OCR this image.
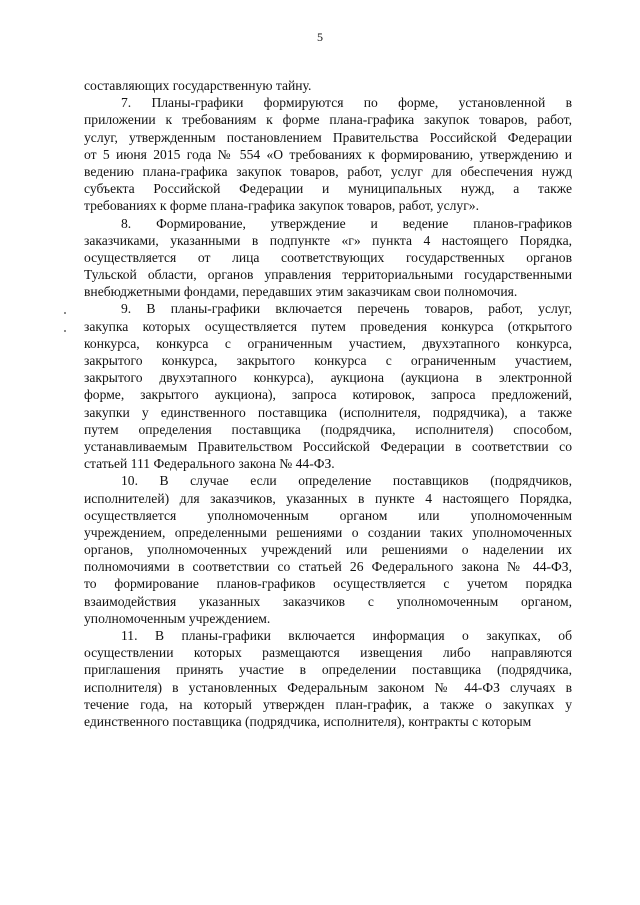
5
составляющих государственную тайну.
7. Планы-графики формируются по форме, установленной в
приложении к требованиям к форме плана-графика закупок товаров, работ,
услуг, утвержденным постановлением Правительства Российской Федерации
от 5 июня 2015 года № 554 «О требованиях к формированию, утверждению и
ведению плана-графика закупок товаров, работ, услуг для обеспечения нужд
субъекта Российской Федерации и муниципальных нужд, а также
требованиях к форме плана-графика закупок товаров, работ, услуг».
8. Формирование, утверждение и ведение планов-графиков
заказчиками, указанными в подпункте «г» пункта 4 настоящего Порядка,
осуществляется от лица соответствующих государственных органов
Тульской области, органов управления территориальными государственными
внебюджетными фондами, передавших этим заказчикам свои полномочия.
9. В планы-графики включается перечень товаров, работ, услуг,
закупка которых осуществляется путем проведения конкурса (открытого
конкурса, конкурса с ограниченным участием, двухэтапного конкурса,
закрытого конкурса, закрытого конкурса с ограниченным участием,
закрытого двухэтапного конкурса), аукциона (аукциона в электронной
форме, закрытого аукциона), запроса котировок, запроса предложений,
закупки у единственного поставщика (исполнителя, подрядчика), а также
путем определения поставщика (подрядчика, исполнителя) способом,
устанавливаемым Правительством Российской Федерации в соответствии со
статьей 111 Федерального закона № 44-ФЗ.
10. В случае если определение поставщиков (подрядчиков,
исполнителей) для заказчиков, указанных в пункте 4 настоящего Порядка,
осуществляется уполномоченным органом или уполномоченным
учреждением, определенными решениями о создании таких уполномоченных
органов, уполномоченных учреждений или решениями о наделении их
полномочиями в соответствии со статьей 26 Федерального закона № 44-ФЗ,
то формирование планов-графиков осуществляется с учетом порядка
взаимодействия указанных заказчиков с уполномоченным органом,
уполномоченным учреждением.
11. В планы-графики включается информация о закупках, об
осуществлении которых размещаются извещения либо направляются
приглашения принять участие в определении поставщика (подрядчика,
исполнителя) в установленных Федеральным законом № 44-ФЗ случаях в
течение года, на который утвержден план-график, а также о закупках у
единственного поставщика (подрядчика, исполнителя), контракты с которым
